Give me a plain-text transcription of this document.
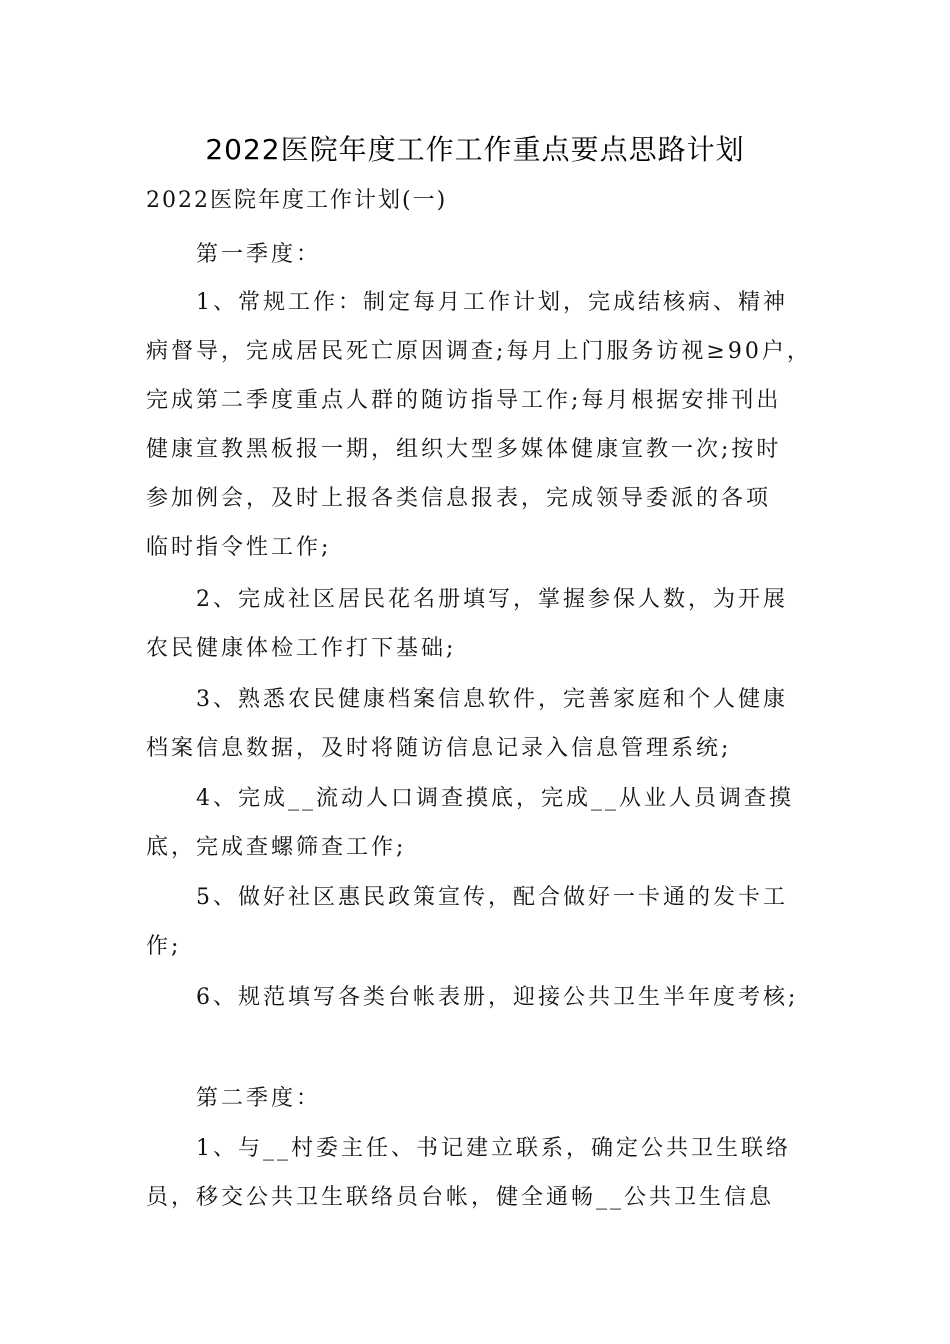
2022医院年度工作工作重点要点思路计划
2022医院年度工作计划(一)
第一季度：
1、常规工作：制定每月工作计划，完成结核病、精神
病督导，完成居民死亡原因调查;每月上门服务访视≥90户，
完成第二季度重点人群的随访指导工作;每月根据安排刊出
健康宣教黑板报一期，组织大型多媒体健康宣教一次;按时
参加例会，及时上报各类信息报表，完成领导委派的各项
临时指令性工作;
2、完成社区居民花名册填写，掌握参保人数，为开展
农民健康体检工作打下基础;
3、熟悉农民健康档案信息软件，完善家庭和个人健康
档案信息数据，及时将随访信息记录入信息管理系统;
4、完成__流动人口调查摸底，完成__从业人员调查摸
底，完成查螺筛查工作;
5、做好社区惠民政策宣传，配合做好一卡通的发卡工
作;
6、规范填写各类台帐表册，迎接公共卫生半年度考核;
第二季度：
1、与__村委主任、书记建立联系，确定公共卫生联络
员，移交公共卫生联络员台帐，健全通畅__公共卫生信息
